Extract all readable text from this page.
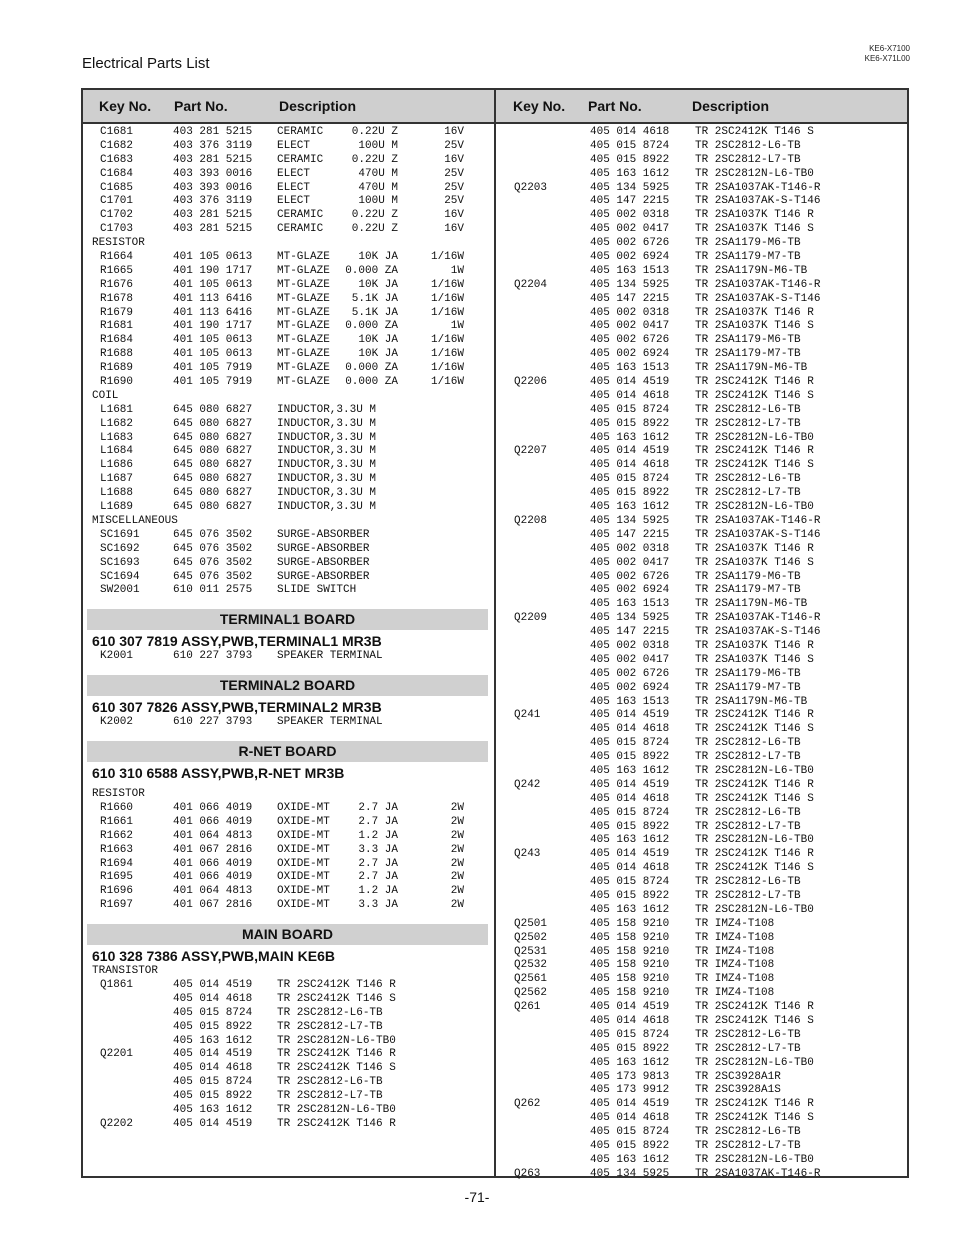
Electrical Parts List
KE6-X7100
KE6-X71L00
Key No. Part No.	Description	Key No. Part No.	Description
C1681	403 281 5215 CERAMIC	0.22U Z	16V
C1682	403 376 3119 ELECT	100U M	25V
C1683	403 281 5215 CERAMIC	0.22U Z	16V
C1684	403 393 0016 ELECT	470U M	25V
C1685	403 393 0016 ELECT	470U M	25V
C1701	403 376 3119 ELECT	100U M	25V
C1702	403 281 5215 CERAMIC	0.22U Z	16V
C1703	403 281 5215 CERAMIC	0.22U Z	16V
RESISTOR
R1664	401 105 0613 MT-GLAZE	10K JA	1/16W
R1665	401 190 1717 MT-GLAZE	0.000 ZA	1W
R1676	401 105 0613 MT-GLAZE	10K JA	1/16W
R1678	401 113 6416 MT-GLAZE	5.1K JA	1/16W
R1679	401 113 6416 MT-GLAZE	5.1K JA	1/16W
R1681	401 190 1717 MT-GLAZE	0.000 ZA	1W
R1684	401 105 0613 MT-GLAZE	10K JA	1/16W
R1688	401 105 0613 MT-GLAZE	10K JA	1/16W
R1689	401 105 7919 MT-GLAZE	0.000 ZA	1/16W
R1690	401 105 7919 MT-GLAZE	0.000 ZA	1/16W
COIL
L1681	645 080 6827 INDUCTOR,3.3U M
L1682	645 080 6827 INDUCTOR,3.3U M
L1683	645 080 6827 INDUCTOR,3.3U M
L1684	645 080 6827 INDUCTOR,3.3U M
L1686	645 080 6827 INDUCTOR,3.3U M
L1687	645 080 6827 INDUCTOR,3.3U M
L1688	645 080 6827 INDUCTOR,3.3U M
L1689	645 080 6827 INDUCTOR,3.3U M
MISCELLANEOUS
SC1691	645 076 3502 SURGE-ABSORBER
SC1692	645 076 3502 SURGE-ABSORBER
SC1693	645 076 3502 SURGE-ABSORBER
SC1694	645 076 3502 SURGE-ABSORBER
SW2001	610 011 2575 SLIDE SWITCH
TERMINAL1 BOARD
610 307 7819 ASSY,PWB,TERMINAL1 MR3B
K2001	610 227 3793 SPEAKER TERMINAL
TERMINAL2 BOARD
610 307 7826 ASSY,PWB,TERMINAL2 MR3B
K2002	610 227 3793 SPEAKER TERMINAL
R-NET BOARD
610 310 6588 ASSY,PWB,R-NET MR3B
RESISTOR
R1660	401 066 4019 OXIDE-MT	2.7 JA	2W
R1661	401 066 4019 OXIDE-MT	2.7 JA	2W
R1662	401 064 4813 OXIDE-MT	1.2 JA	2W
R1663	401 067 2816 OXIDE-MT	3.3 JA	2W
R1694	401 066 4019 OXIDE-MT	2.7 JA	2W
R1695	401 066 4019 OXIDE-MT	2.7 JA	2W
R1696	401 064 4813 OXIDE-MT	1.2 JA	2W
R1697	401 067 2816 OXIDE-MT	3.3 JA	2W
MAIN BOARD
610 328 7386 ASSY,PWB,MAIN KE6B
TRANSISTOR
Q1861	405 014 4519 TR 2SC2412K T146 R
405 014 4618 TR 2SC2412K T146 S
405 015 8724 TR 2SC2812-L6-TB
405 015 8922 TR 2SC2812-L7-TB
405 163 1612 TR 2SC2812N-L6-TB0
Q2201	405 014 4519 TR 2SC2412K T146 R
405 014 4618 TR 2SC2412K T146 S
405 015 8724 TR 2SC2812-L6-TB
405 015 8922 TR 2SC2812-L7-TB
405 163 1612 TR 2SC2812N-L6-TB0
Q2202	405 014 4519 TR 2SC2412K T146 R
405 014 4618 TR 2SC2412K T146 S
405 015 8724 TR 2SC2812-L6-TB
405 015 8922 TR 2SC2812-L7-TB
405 163 1612 TR 2SC2812N-L6-TB0
Q2203	405 134 5925 TR 2SA1037AK-T146-R
405 147 2215 TR 2SA1037AK-S-T146
405 002 0318 TR 2SA1037K T146 R
405 002 0417 TR 2SA1037K T146 S
405 002 6726 TR 2SA1179-M6-TB
405 002 6924 TR 2SA1179-M7-TB
405 163 1513 TR 2SA1179N-M6-TB
Q2204	405 134 5925 TR 2SA1037AK-T146-R
405 147 2215 TR 2SA1037AK-S-T146
405 002 0318 TR 2SA1037K T146 R
405 002 0417 TR 2SA1037K T146 S
405 002 6726 TR 2SA1179-M6-TB
405 002 6924 TR 2SA1179-M7-TB
405 163 1513 TR 2SA1179N-M6-TB
Q2206	405 014 4519 TR 2SC2412K T146 R
405 014 4618 TR 2SC2412K T146 S
405 015 8724 TR 2SC2812-L6-TB
405 015 8922 TR 2SC2812-L7-TB
405 163 1612 TR 2SC2812N-L6-TB0
Q2207	405 014 4519 TR 2SC2412K T146 R
405 014 4618 TR 2SC2412K T146 S
405 015 8724 TR 2SC2812-L6-TB
405 015 8922 TR 2SC2812-L7-TB
405 163 1612 TR 2SC2812N-L6-TB0
Q2208	405 134 5925 TR 2SA1037AK-T146-R
405 147 2215 TR 2SA1037AK-S-T146
405 002 0318 TR 2SA1037K T146 R
405 002 0417 TR 2SA1037K T146 S
405 002 6726 TR 2SA1179-M6-TB
405 002 6924 TR 2SA1179-M7-TB
405 163 1513 TR 2SA1179N-M6-TB
Q2209	405 134 5925 TR 2SA1037AK-T146-R
405 147 2215 TR 2SA1037AK-S-T146
405 002 0318 TR 2SA1037K T146 R
405 002 0417 TR 2SA1037K T146 S
405 002 6726 TR 2SA1179-M6-TB
405 002 6924 TR 2SA1179-M7-TB
405 163 1513 TR 2SA1179N-M6-TB
Q241	405 014 4519 TR 2SC2412K T146 R
405 014 4618 TR 2SC2412K T146 S
405 015 8724 TR 2SC2812-L6-TB
405 015 8922 TR 2SC2812-L7-TB
405 163 1612 TR 2SC2812N-L6-TB0
Q242	405 014 4519 TR 2SC2412K T146 R
405 014 4618 TR 2SC2412K T146 S
405 015 8724 TR 2SC2812-L6-TB
405 015 8922 TR 2SC2812-L7-TB
405 163 1612 TR 2SC2812N-L6-TB0
Q243	405 014 4519 TR 2SC2412K T146 R
405 014 4618 TR 2SC2412K T146 S
405 015 8724 TR 2SC2812-L6-TB
405 015 8922 TR 2SC2812-L7-TB
405 163 1612 TR 2SC2812N-L6-TB0
Q2501	405 158 9210 TR IMZ4-T108
Q2502	405 158 9210 TR IMZ4-T108
Q2531	405 158 9210 TR IMZ4-T108
Q2532	405 158 9210 TR IMZ4-T108
Q2561	405 158 9210 TR IMZ4-T108
Q2562	405 158 9210 TR IMZ4-T108
Q261	405 014 4519 TR 2SC2412K T146 R
405 014 4618 TR 2SC2412K T146 S
405 015 8724 TR 2SC2812-L6-TB
405 015 8922 TR 2SC2812-L7-TB
405 163 1612 TR 2SC2812N-L6-TB0
405 173 9813 TR 2SC3928A1R
405 173 9912 TR 2SC3928A1S
Q262	405 014 4519 TR 2SC2412K T146 R
405 014 4618 TR 2SC2412K T146 S
405 015 8724 TR 2SC2812-L6-TB
405 015 8922 TR 2SC2812-L7-TB
405 163 1612 TR 2SC2812N-L6-TB0
Q263	405 134 5925 TR 2SA1037AK-T146-R
-71-
